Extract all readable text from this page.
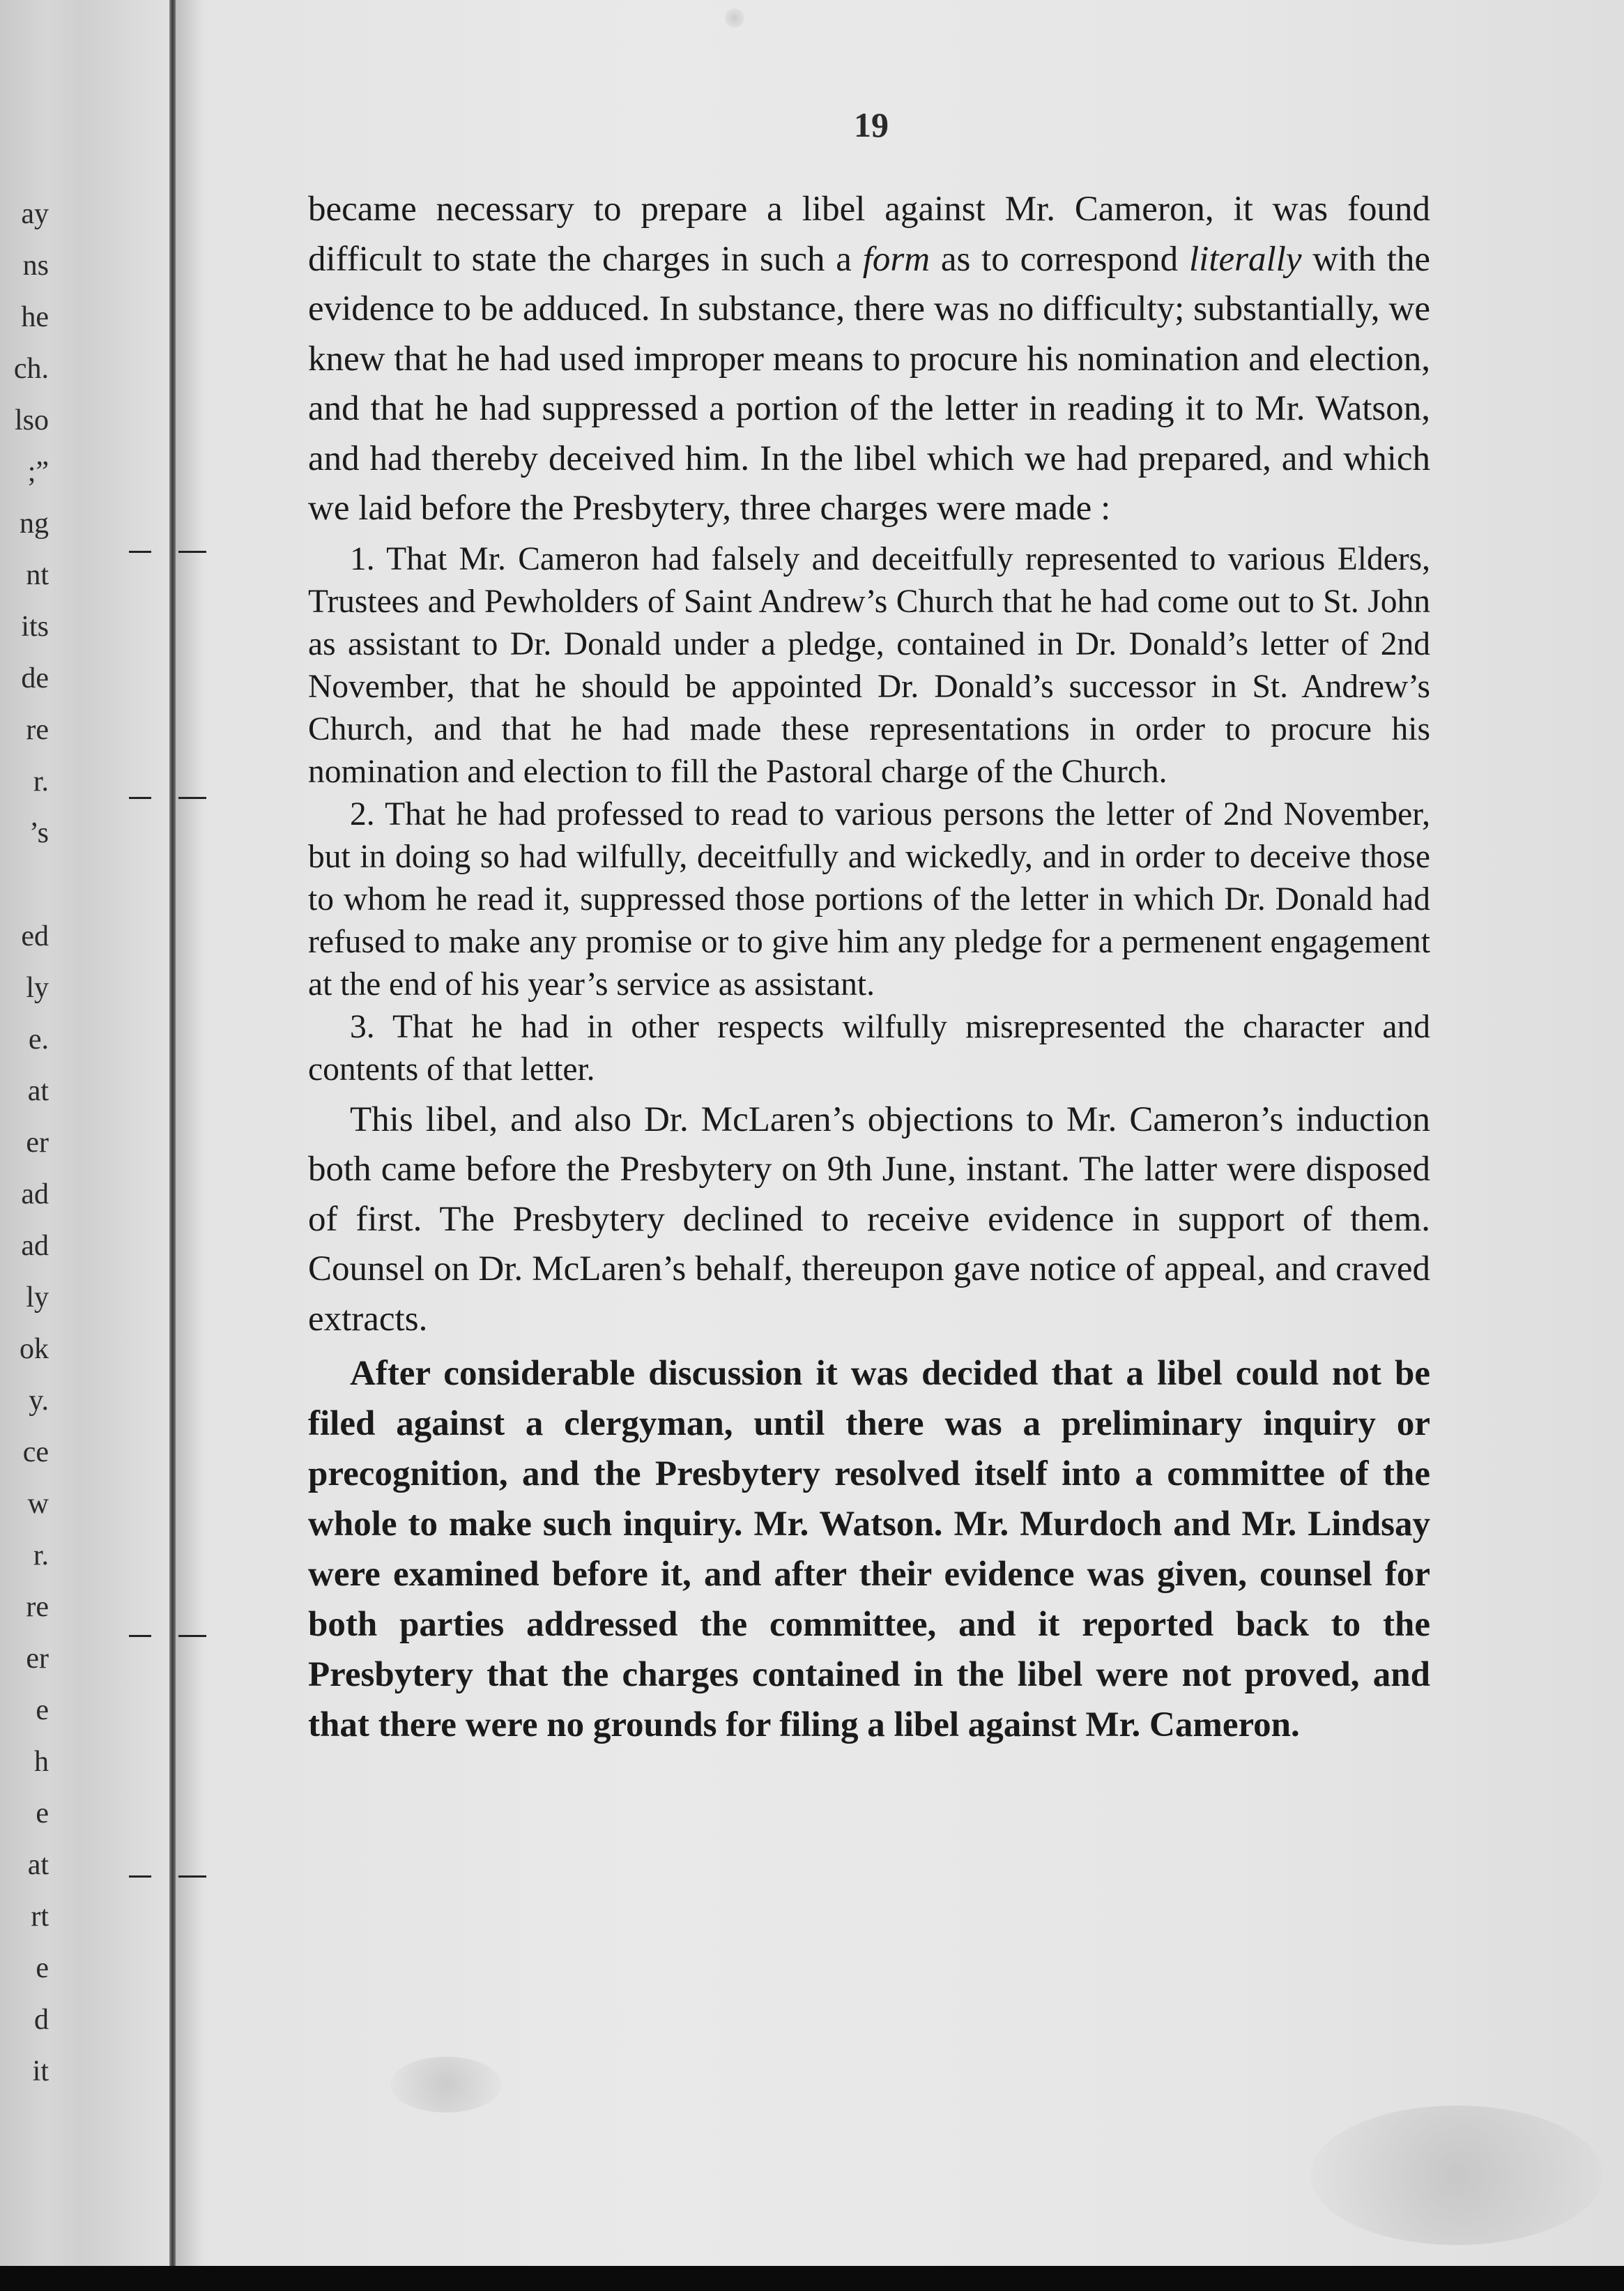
ay
ns
he
ch.
lso
;”
ng
nt
its
de
re
r.
’s
ed
ly
e.
at
er
ad
ad
ly
ok
y.
ce
w
r.
re
er
e
h
e
at
rt
e
d
it
19

became necessary to prepare a libel against Mr. Cameron, it was found difficult to state the charges in such a form as to correspond literally with the evidence to be adduced. In substance, there was no difficulty; substantially, we knew that he had used improper means to procure his nomination and election, and that he had suppressed a portion of the letter in reading it to Mr. Watson, and had thereby deceived him. In the libel which we had prepared, and which we laid before the Presbytery, three charges were made :

1. That Mr. Cameron had falsely and deceitfully represented to various Elders, Trustees and Pewholders of Saint Andrew’s Church that he had come out to St. John as assistant to Dr. Donald under a pledge, contained in Dr. Donald’s letter of 2nd November, that he should be appointed Dr. Donald’s successor in St. Andrew’s Church, and that he had made these representations in order to procure his nomination and election to fill the Pastoral charge of the Church.
2. That he had professed to read to various persons the letter of 2nd November, but in doing so had wilfully, deceitfully and wickedly, and in order to deceive those to whom he read it, suppressed those portions of the letter in which Dr. Donald had refused to make any promise or to give him any pledge for a permenent engagement at the end of his year’s service as assistant.
3. That he had in other respects wilfully misrepresented the character and contents of that letter.

This libel, and also Dr. McLaren’s objections to Mr. Cameron’s induction both came before the Presbytery on 9th June, instant. The latter were disposed of first. The Presbytery declined to receive evidence in support of them. Counsel on Dr. McLaren’s behalf, thereupon gave notice of appeal, and craved extracts.

After considerable discussion it was decided that a libel could not be filed against a clergyman, until there was a preliminary inquiry or precognition, and the Presbytery resolved itself into a committee of the whole to make such inquiry. Mr. Watson. Mr. Murdoch and Mr. Lindsay were examined before it, and after their evidence was given, counsel for both parties addressed the committee, and it reported back to the Presbytery that the charges contained in the libel were not proved, and that there were no grounds for filing a libel against Mr. Cameron.
